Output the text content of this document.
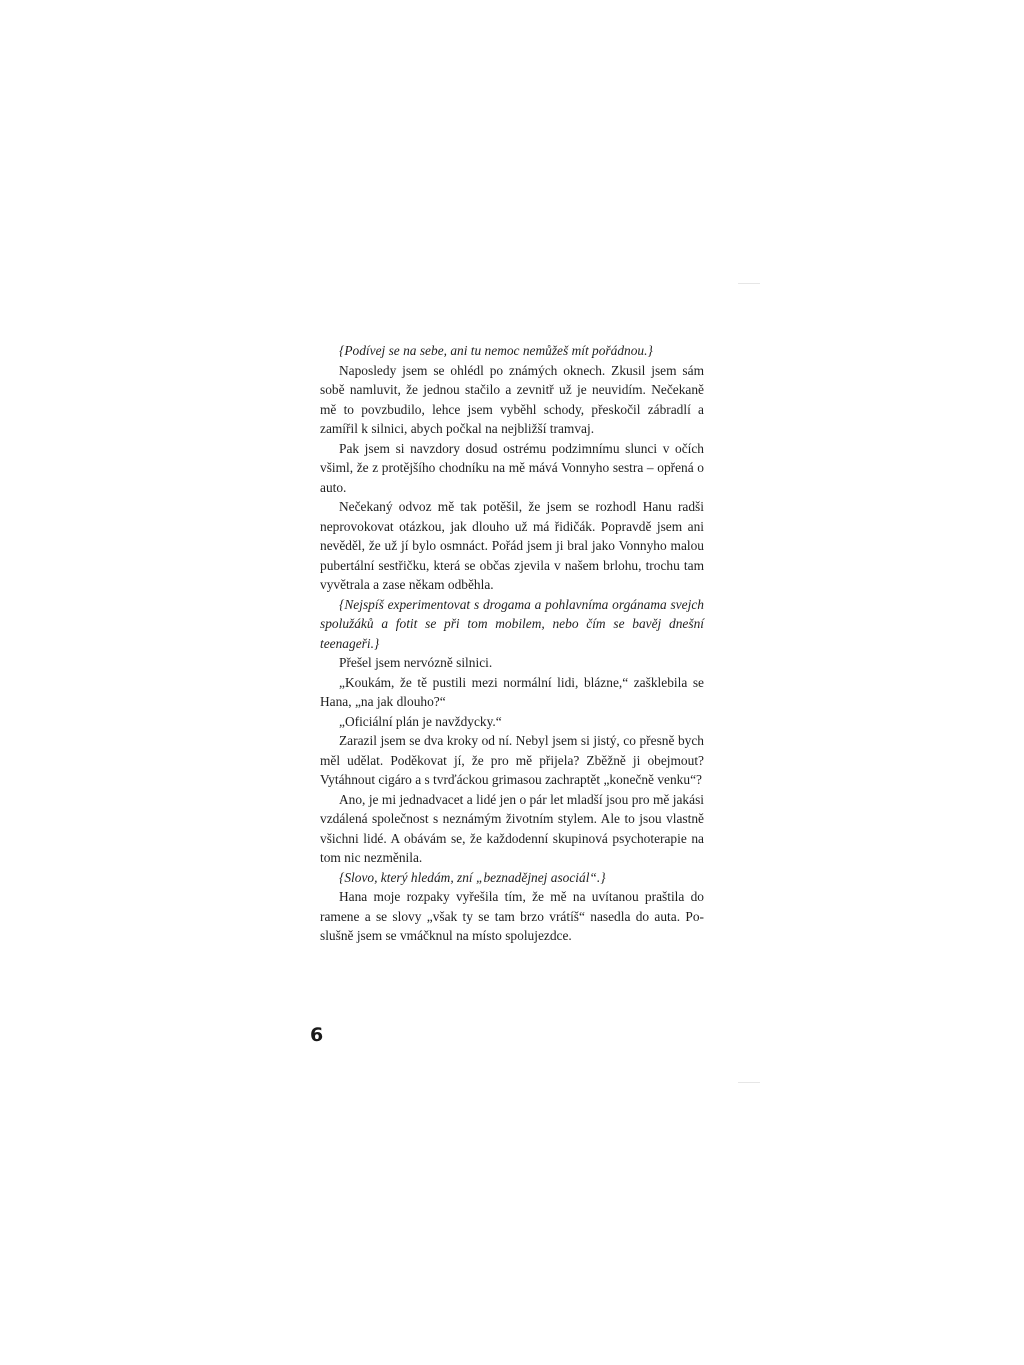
{Podívej se na sebe, ani tu nemoc nemůžeš mít pořádnou.}

Naposledy jsem se ohlédl po známých oknech. Zkusil jsem sám sobě namluvit, že jednou stačilo a zevnitř už je neuvidím. Nečekaně mě to povzbudilo, lehce jsem vyběhl schody, přeskočil zábradlí a zamířil k silnici, abych počkal na nejbližší tramvaj.

Pak jsem si navzdory dosud ostrému podzimnímu slunci v očích všiml, že z protějšího chodníku na mě mává Vonnyho sestra – opřená o auto.

Nečekaný odvoz mě tak potěšil, že jsem se rozhodl Hanu radši neprovokovat otázkou, jak dlouho už má řidičák. Popravdě jsem ani nevěděl, že už jí bylo osmnáct. Pořád jsem ji bral jako Vonnyho malou pubertální sestřičku, která se občas zjevila v našem brlohu, trochu tam vyvětrala a zase někam odběhla.

{Nejspíš experimentovat s drogama a pohlavníma orgánama svejch spolužáků a fotit se při tom mobilem, nebo čím se bavěj dnešní teenageři.}

Přešel jsem nervózně silnici.

„Koukám, že tě pustili mezi normální lidi, blázne,“ zašklebila se Hana, „na jak dlouho?“

„Oficiální plán je navždycky.“

Zarazil jsem se dva kroky od ní. Nebyl jsem si jistý, co přesně bych měl udělat. Poděkovat jí, že pro mě přijela? Zběžně ji obejmout? Vytáhnout cigáro a s tvrďáckou grimasou zachraptět „konečně venku“?

Ano, je mi jednadvacet a lidé jen o pár let mladší jsou pro mě jakási vzdálená společnost s neznámým životním stylem. Ale to jsou vlastně všichni lidé. A obávám se, že každodenní skupinová psychoterapie na tom nic nezměnila.

{Slovo, který hledám, zní „beznadějnej asociál“.}

Hana moje rozpaky vyřešila tím, že mě na uvítanou praštila do ramene a se slovy „však ty se tam brzo vrátíš“ nasedla do auta. Poslušně jsem se vmáčknul na místo spolujezdce.

6
